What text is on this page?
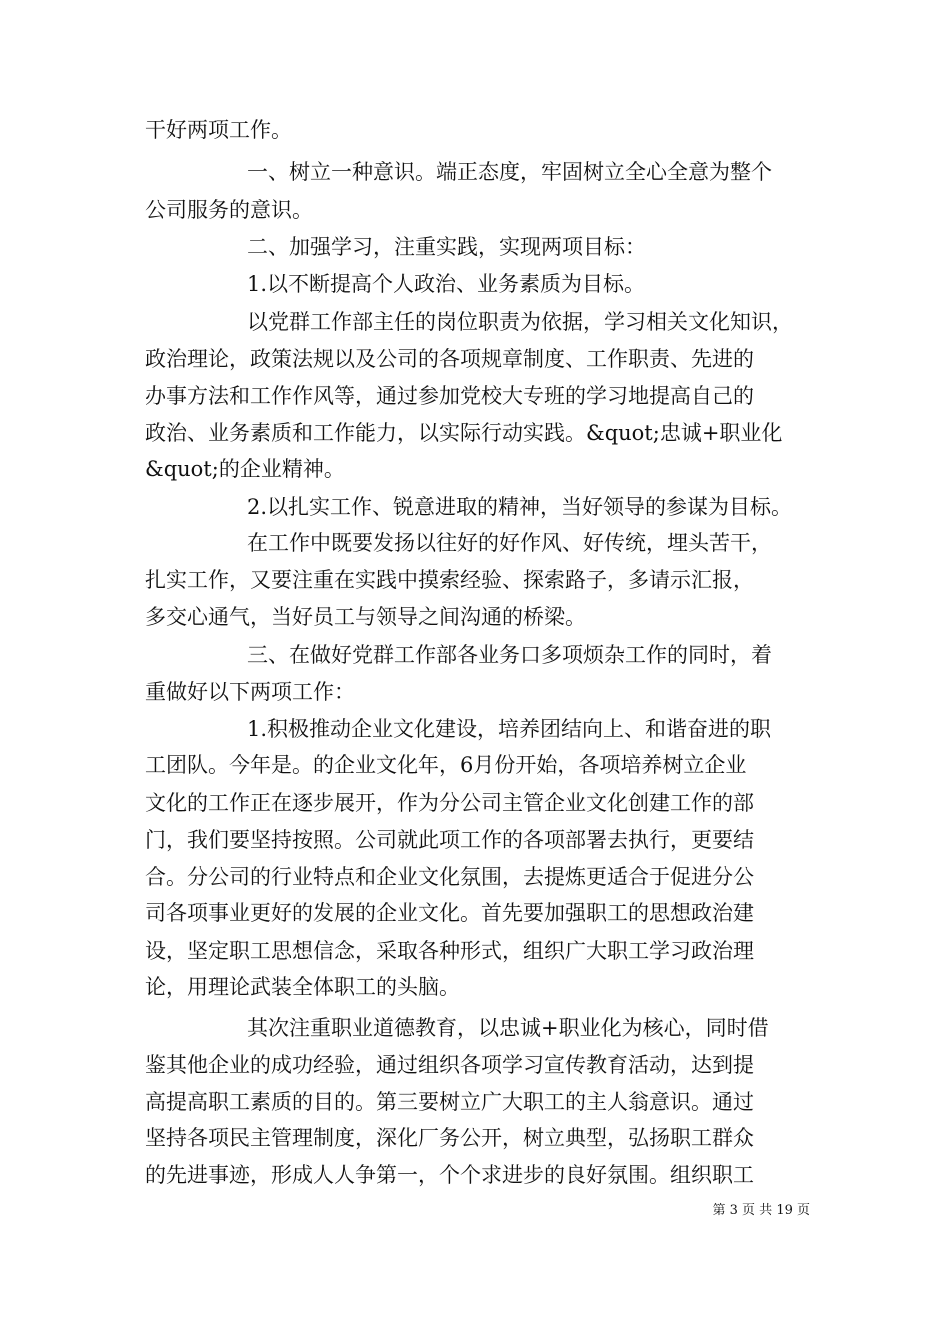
干好两项工作。
一、树立一种意识。端正态度，牢固树立全心全意为整个
公司服务的意识。
二、加强学习，注重实践，实现两项目标：
1.以不断提高个人政治、业务素质为目标。
以党群工作部主任的岗位职责为依据，学习相关文化知识，
政治理论，政策法规以及公司的各项规章制度、工作职责、先进的
办事方法和工作作风等，通过参加党校大专班的学习地提高自己的
政治、业务素质和工作能力，以实际行动实践。&quot;忠诚+职业化
&quot;的企业精神。
2.以扎实工作、锐意进取的精神，当好领导的参谋为目标。
在工作中既要发扬以往好的好作风、好传统，埋头苦干，
扎实工作，又要注重在实践中摸索经验、探索路子，多请示汇报，
多交心通气，当好员工与领导之间沟通的桥梁。
三、在做好党群工作部各业务口多项烦杂工作的同时，着
重做好以下两项工作：
1.积极推动企业文化建设，培养团结向上、和谐奋进的职
工团队。今年是。的企业文化年，6月份开始，各项培养树立企业
文化的工作正在逐步展开，作为分公司主管企业文化创建工作的部
门，我们要坚持按照。公司就此项工作的各项部署去执行，更要结
合。分公司的行业特点和企业文化氛围，去提炼更适合于促进分公
司各项事业更好的发展的企业文化。首先要加强职工的思想政治建
设，坚定职工思想信念，采取各种形式，组织广大职工学习政治理
论，用理论武装全体职工的头脑。
其次注重职业道德教育，以忠诚+职业化为核心，同时借
鉴其他企业的成功经验，通过组织各项学习宣传教育活动，达到提
高提高职工素质的目的。第三要树立广大职工的主人翁意识。通过
坚持各项民主管理制度，深化厂务公开，树立典型，弘扬职工群众
的先进事迹，形成人人争第一，个个求进步的良好氛围。组织职工
第 3 页 共 19 页
